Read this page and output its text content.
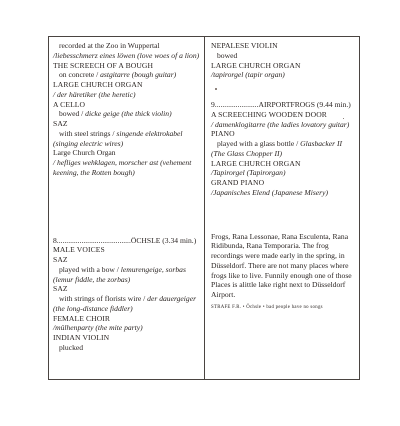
recorded at the Zoo in Wuppertal
/liebesschmerz eines löwen (love woes of a lion)
THE SCREECH OF A BOUGH
on concrete / astgitarre (bough guitar)
LARGE CHURCH ORGAN
/ der häretiker (the heretic)
A CELLO
bowed / dicke geige (the thick violin)
SAZ
with steel strings / singende elektrokabel
(singing electric wires)
Large Church Organ
/ hefliges wehklagen, morscher ast (vehement
keening, the Rotten bough)
8.......................................ÖCHSLE (3.34 min.)
MALE VOICES
SAZ
played with a bow / lemurengeige, sorbas
(lemur fiddle, the zorbas)
SAZ
with strings of florists wire / der dauergeiger
(the long-distance fiddler)
FEMALE CHOIR
/mülhenparty (the mite party)
INDIAN VIOLIN
plucked
NEPALESE VIOLIN
bowed
LARGE CHURCH ORGAN
/tapirorgel (tapir organ)
9.......................AIRPORTFROGS (9.44 min.)
A SCREECHING WOODEN DOOR
/ damenklogitarre (the ladies lovatory guitar)
PIANO
played with a glass bottle / Glasbacker II
(The Glass Chopper II)
LARGE CHURCH ORGAN
/Tapirorgel (Tapirorgan)
GRAND PIANO
/Japanisches Elend (Japanese Misery)
Frogs, Rana Lessonae, Rana Esculenta, Rana
Ridibunda, Rana Temporaria. The frog
recordings were made early in the spring, in
Düsseldorf. There are not many places where
frogs like to live. Funnily enough one of those
Places is alittle lake right next to Düsseldorf
Airport.
STRAFE F.R. • Öchsle • bad people have no songs
